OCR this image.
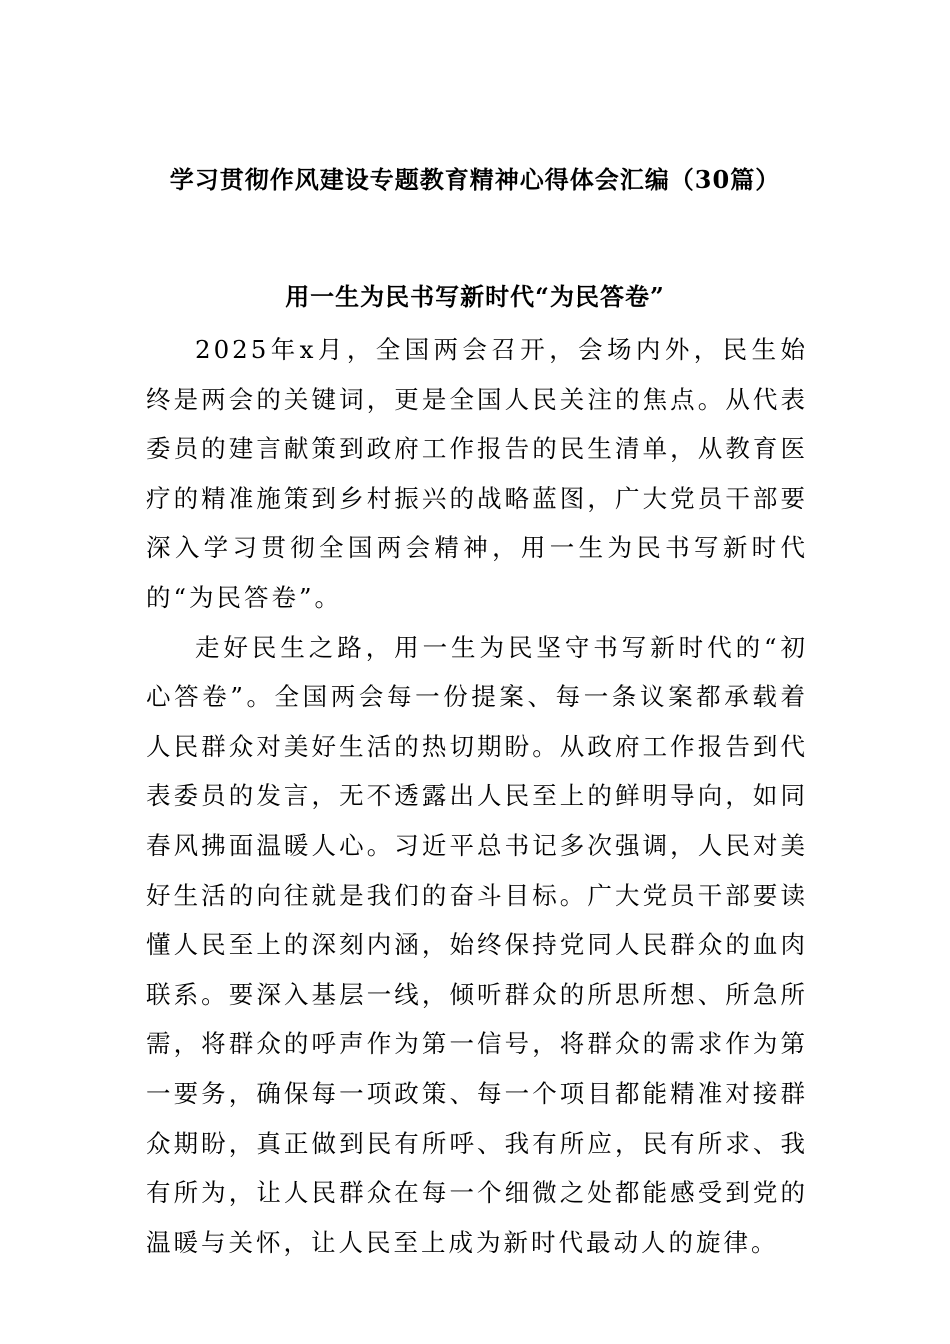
学习贯彻作风建设专题教育精神心得体会汇编（30篇）
用一生为民书写新时代“为民答卷”

2025年x月，全国两会召开，会场内外，民生始终是两会的关键词，更是全国人民关注的焦点。从代表委员的建言献策到政府工作报告的民生清单，从教育医疗的精准施策到乡村振兴的战略蓝图，广大党员干部要深入学习贯彻全国两会精神，用一生为民书写新时代的“为民答卷”。

走好民生之路，用一生为民坚守书写新时代的“初心答卷”。全国两会每一份提案、每一条议案都承载着人民群众对美好生活的热切期盼。从政府工作报告到代表委员的发言，无不透露出人民至上的鲜明导向，如同春风拂面温暖人心。习近平总书记多次强调，人民对美好生活的向往就是我们的奋斗目标。广大党员干部要读懂人民至上的深刻内涵，始终保持党同人民群众的血肉联系。要深入基层一线，倾听群众的所思所想、所急所需，将群众的呼声作为第一信号，将群众的需求作为第一要务，确保每一项政策、每一个项目都能精准对接群众期盼，真正做到民有所呼、我有所应，民有所求、我有所为，让人民群众在每一个细微之处都能感受到党的温暖与关怀，让人民至上成为新时代最动人的旋律。
